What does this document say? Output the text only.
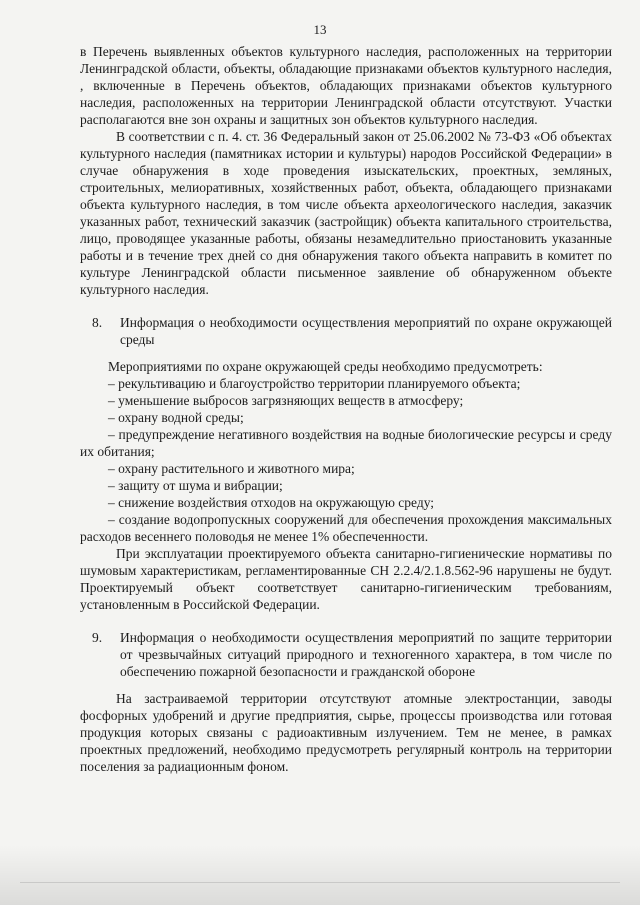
13

в Перечень выявленных объектов культурного наследия, расположенных на территории Ленинградской области, объекты, обладающие признаками объектов культурного наследия, , включенные в Перечень объектов, обладающих признаками объектов культурного наследия, расположенных на территории Ленинградской области отсутствуют. Участки располагаются вне зон охраны и защитных зон объектов культурного наследия.

В соответствии с п. 4. ст. 36 Федеральный закон от 25.06.2002 № 73-ФЗ «Об объектах культурного наследия (памятниках истории и культуры) народов Российской Федерации» в случае обнаружения в ходе проведения изыскательских, проектных, земляных, строительных, мелиоративных, хозяйственных работ, объекта, обладающего признаками объекта культурного наследия, в том числе объекта археологического наследия, заказчик указанных работ, технический заказчик (застройщик) объекта капитального строительства, лицо, проводящее указанные работы, обязаны незамедлительно приостановить указанные работы и в течение трех дней со дня обнаружения такого объекта направить в комитет по культуре Ленинградской области письменное заявление об обнаруженном объекте культурного наследия.

8.	Информация о необходимости осуществления мероприятий по охране окружающей среды

Мероприятиями по охране окружающей среды необходимо предусмотреть:

– рекультивацию и благоустройство территории планируемого объекта;
– уменьшение выбросов загрязняющих веществ в атмосферу;
– охрану водной среды;
– предупреждение негативного воздействия на водные биологические ресурсы и среду их обитания;
– охрану растительного и животного мира;
– защиту от шума и вибрации;
– снижение воздействия отходов на окружающую среду;
– создание водопропускных сооружений для обеспечения прохождения максимальных расходов весеннего половодья не менее 1% обеспеченности.

При эксплуатации проектируемого объекта санитарно-гигиенические нормативы по шумовым характеристикам, регламентированные СН 2.2.4/2.1.8.562-96 нарушены не будут. Проектируемый объект соответствует санитарно-гигиеническим требованиям, установленным в Российской Федерации.

9.	Информация о необходимости осуществления мероприятий по защите территории от чрезвычайных ситуаций природного и техногенного характера, в том числе по обеспечению пожарной безопасности и гражданской обороне

На застраиваемой территории отсутствуют атомные электростанции, заводы фосфорных удобрений и другие предприятия, сырье, процессы производства или готовая продукция которых связаны с радиоактивным излучением. Тем не менее, в рамках проектных предложений, необходимо предусмотреть регулярный контроль на территории поселения за радиационным фоном.
